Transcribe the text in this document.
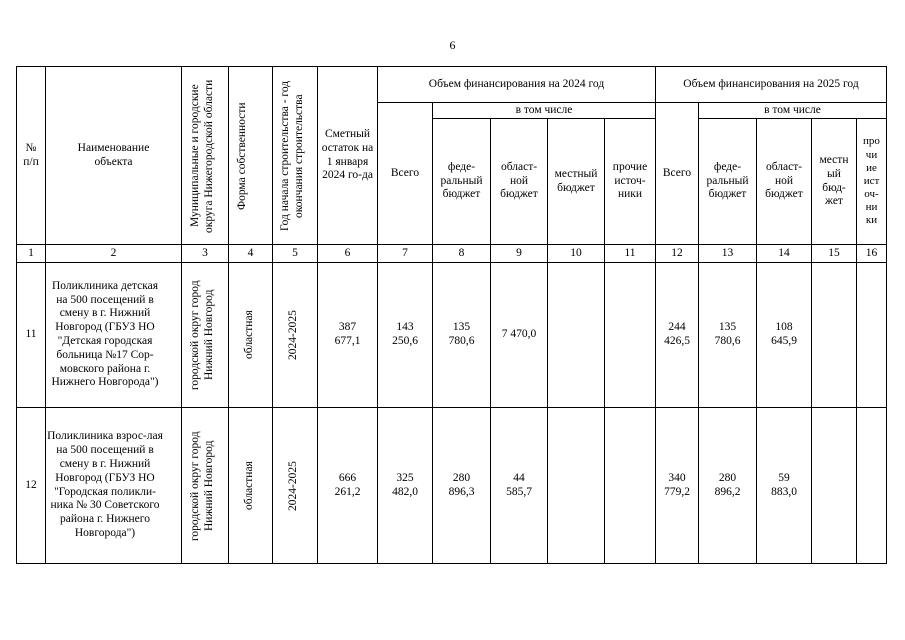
6
№ п/п	Наименование объекта	Муниципальные и городские округа Нижегородской области	Форма собственности	Год начала строительства - год окончания строительства	Сметный остаток на 1 января 2024 го-да	Объем финансирования на 2024 год					Объем финансирования на 2025 год				
						Всего	в том числе				Всего	в том числе			

							феде-ральный бюджет	област-ной бюджет	местный бюджет	прочие источ-ники		феде-ральный бюджет	област-ной бюджет	местн ый бюд-жет	про чи ие ист оч-ни ки

1	2	3	4	5	6	7	8	9	10	11	12	13	14	15	16
11	Поликлиника детская на 500 посещений в смену в г. Нижний Новгород (ГБУЗ НО "Детская городская больница №17 Сор-мовского района г. Нижнего Новгорода")	городской округ город Нижний Новгород	областная	2024-2025	387 677,1	143 250,6	135 780,6	7 470,0			244 426,5	135 780,6	108 645,9		

12	Поликлиника взрос-лая на 500 посещений в смену в г. Нижний Новгород (ГБУЗ НО "Городская поликли-ника № 30 Советского района г. Нижнего Новгорода")	городской округ город Нижний Новгород	областная	2024-2025	666 261,2	325 482,0	280 896,3	44 585,7			340 779,2	280 896,2	59 883,0		
